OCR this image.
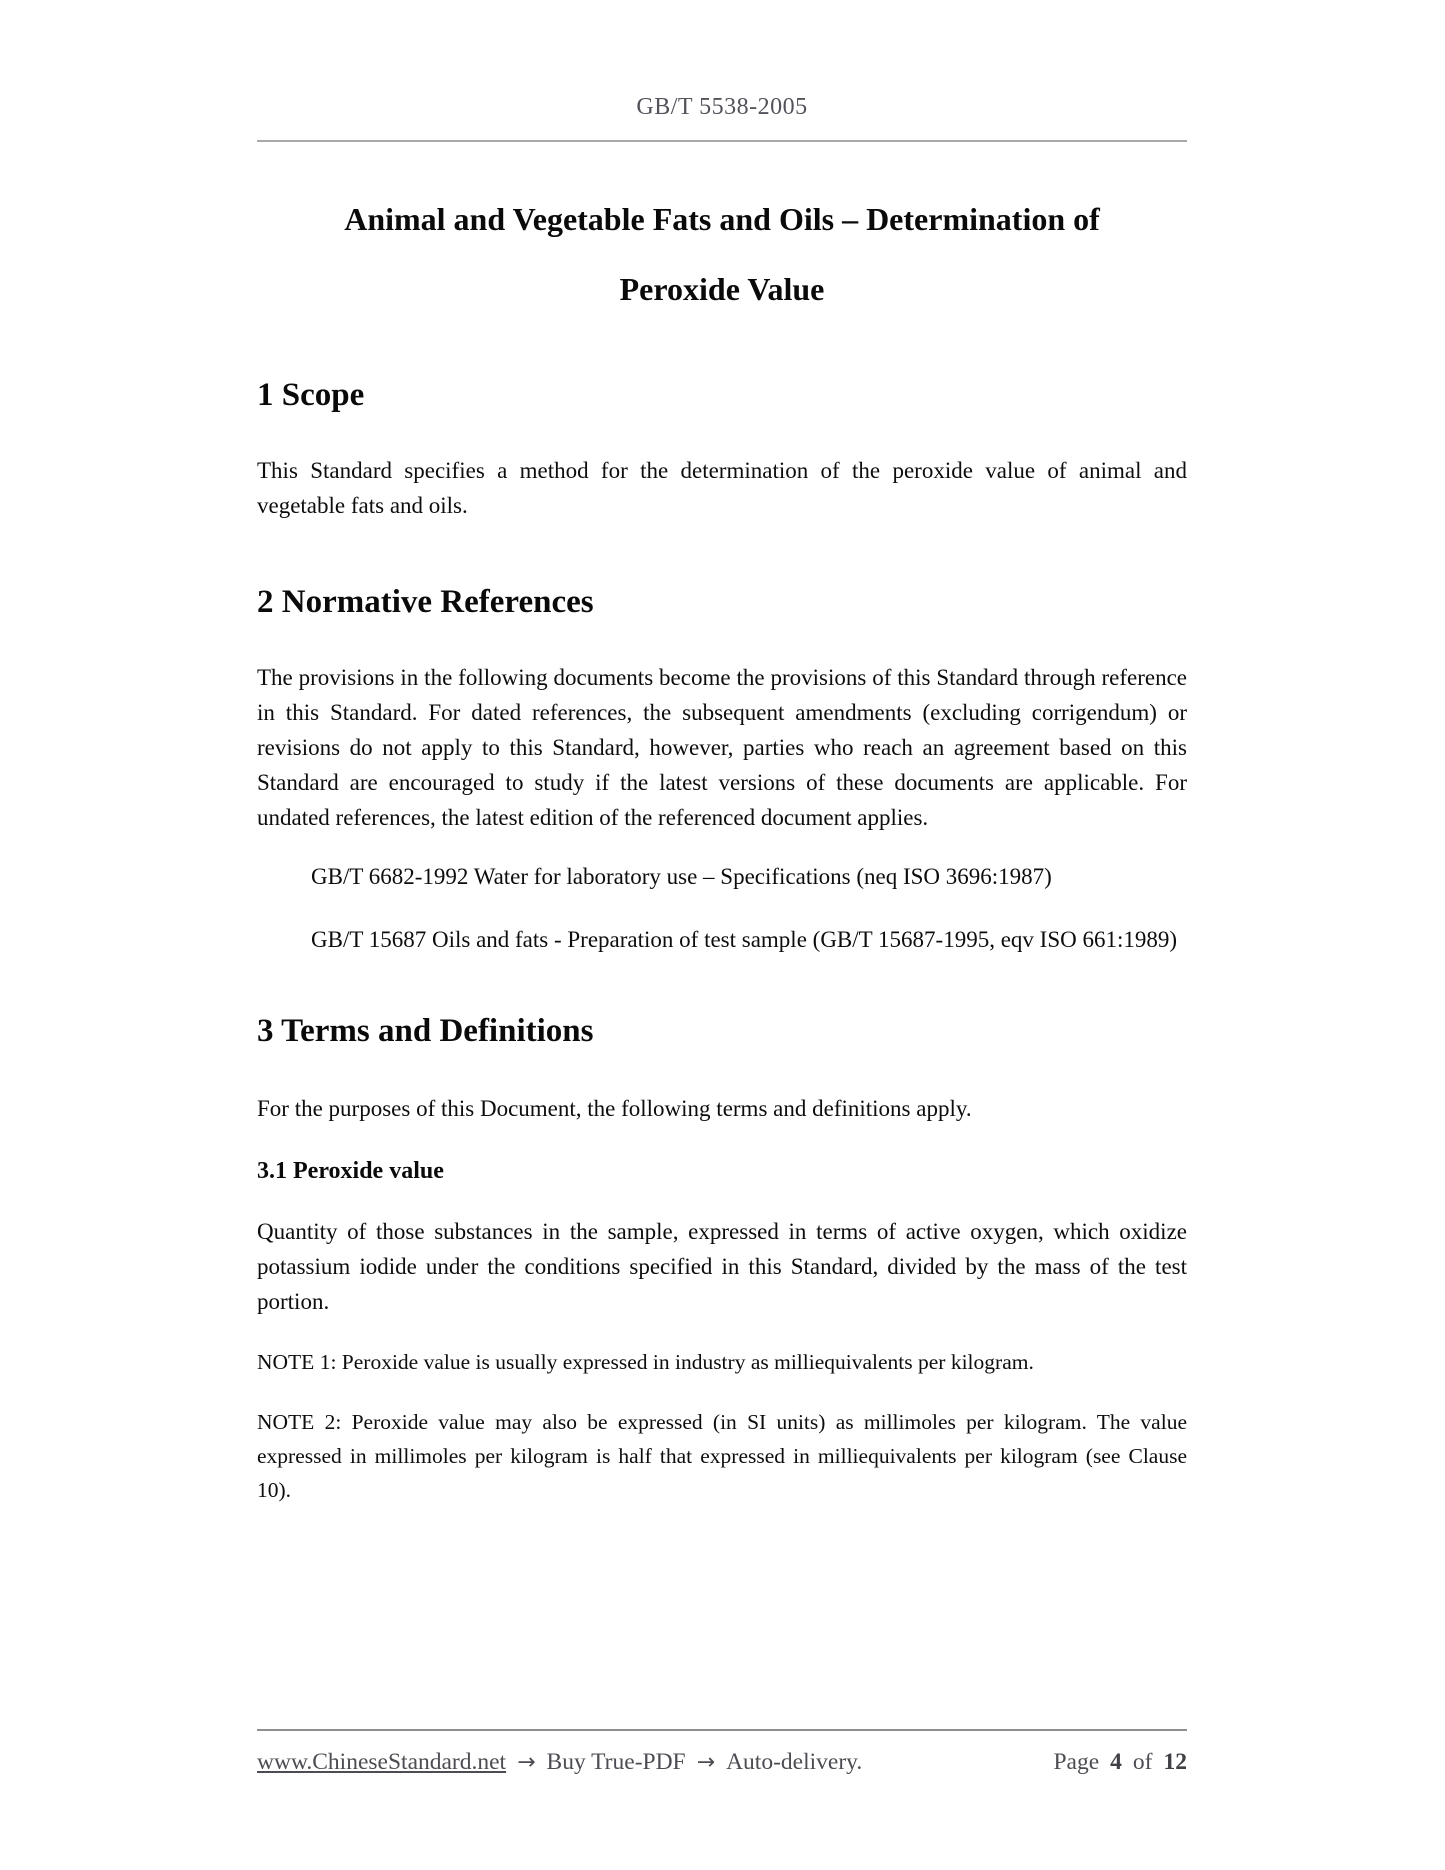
GB/T 5538-2005
Animal and Vegetable Fats and Oils – Determination of
Peroxide Value
1 Scope
This Standard specifies a method for the determination of the peroxide value of animal and vegetable fats and oils.
2 Normative References
The provisions in the following documents become the provisions of this Standard through reference in this Standard. For dated references, the subsequent amendments (excluding corrigendum) or revisions do not apply to this Standard, however, parties who reach an agreement based on this Standard are encouraged to study if the latest versions of these documents are applicable. For undated references, the latest edition of the referenced document applies.
GB/T 6682-1992 Water for laboratory use – Specifications (neq ISO 3696:1987)
GB/T 15687 Oils and fats - Preparation of test sample (GB/T 15687-1995, eqv ISO 661:1989)
3 Terms and Definitions
For the purposes of this Document, the following terms and definitions apply.
3.1 Peroxide value
Quantity of those substances in the sample, expressed in terms of active oxygen, which oxidize potassium iodide under the conditions specified in this Standard, divided by the mass of the test portion.
NOTE 1: Peroxide value is usually expressed in industry as milliequivalents per kilogram.
NOTE 2: Peroxide value may also be expressed (in SI units) as millimoles per kilogram. The value expressed in millimoles per kilogram is half that expressed in milliequivalents per kilogram (see Clause 10).
www.ChineseStandard.net → Buy True-PDF → Auto-delivery.	Page 4 of 12
